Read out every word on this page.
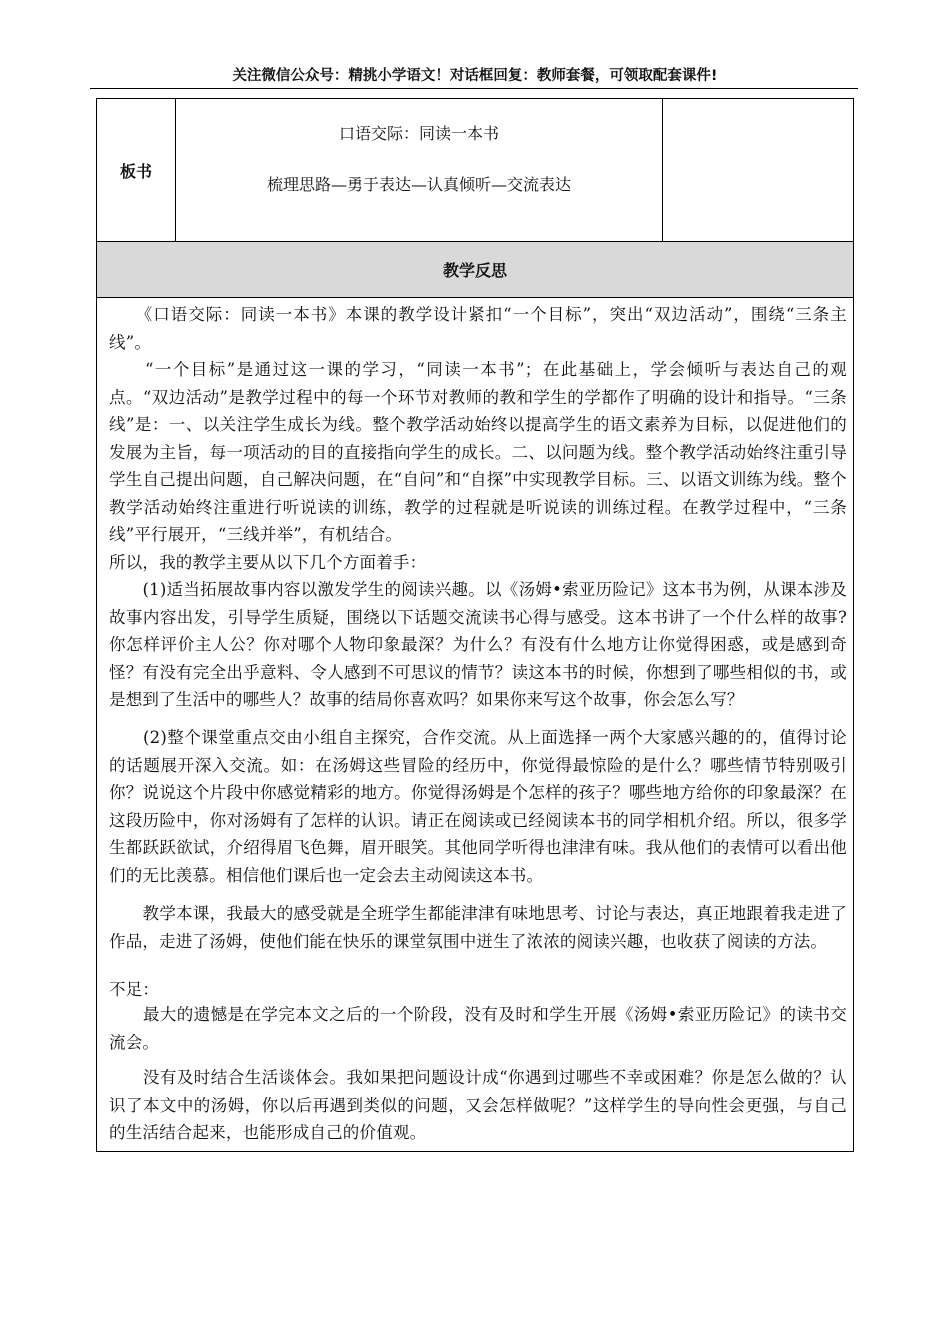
关注微信公众号：精挑小学语文！对话框回复：教师套餐，可领取配套课件!
板书
口语交际：同读一本书
梳理思路—勇于表达—认真倾听—交流表达
教学反思

　　《口语交际：同读一本书》本课的教学设计紧扣“一个目标”，突出“双边活动”，围绕“三条主线”。

　　“一个目标”是通过这一课的学习，“同读一本书”；在此基础上，学会倾听与表达自己的观点。“双边活动”是教学过程中的每一个环节对教师的教和学生的学都作了明确的设计和指导。“三条线”是：一、以关注学生成长为线。整个教学活动始终以提高学生的语文素养为目标，以促进他们的发展为主旨，每一项活动的目的直接指向学生的成长。二、以问题为线。整个教学活动始终注重引导学生自己提出问题，自己解决问题，在“自问”和“自探”中实现教学目标。三、以语文训练为线。整个教学活动始终注重进行听说读的训练，教学的过程就是听说读的训练过程。在教学过程中，“三条线”平行展开，“三线并举”，有机结合。

所以，我的教学主要从以下几个方面着手：

　　(1)适当拓展故事内容以激发学生的阅读兴趣。以《汤姆•索亚历险记》这本书为例，从课本涉及故事内容出发，引导学生质疑，围绕以下话题交流读书心得与感受。这本书讲了一个什么样的故事?你怎样评价主人公？你对哪个人物印象最深？为什么？有没有什么地方让你觉得困惑，或是感到奇怪？有没有完全出乎意料、令人感到不可思议的情节？读这本书的时候，你想到了哪些相似的书，或是想到了生活中的哪些人？故事的结局你喜欢吗？如果你来写这个故事，你会怎么写？

　　(2)整个课堂重点交由小组自主探究，合作交流。从上面选择一两个大家感兴趣的的，值得讨论的话题展开深入交流。如：在汤姆这些冒险的经历中，你觉得最惊险的是什么？哪些情节特别吸引你？说说这个片段中你感觉精彩的地方。你觉得汤姆是个怎样的孩子？哪些地方给你的印象最深？在这段历险中，你对汤姆有了怎样的认识。请正在阅读或已经阅读本书的同学相机介绍。所以，很多学生都跃跃欲试，介绍得眉飞色舞，眉开眼笑。其他同学听得也津津有味。我从他们的表情可以看出他们的无比羡慕。相信他们课后也一定会去主动阅读这本书。

　　教学本课，我最大的感受就是全班学生都能津津有味地思考、讨论与表达，真正地跟着我走进了作品，走进了汤姆，使他们能在快乐的课堂氛围中迸生了浓浓的阅读兴趣，也收获了阅读的方法。

不足：

　　最大的遗憾是在学完本文之后的一个阶段，没有及时和学生开展《汤姆•索亚历险记》的读书交流会。

　　没有及时结合生活谈体会。我如果把问题设计成“你遇到过哪些不幸或困难？你是怎么做的？认识了本文中的汤姆，你以后再遇到类似的问题，又会怎样做呢？”这样学生的导向性会更强，与自己的生活结合起来，也能形成自己的价值观。
